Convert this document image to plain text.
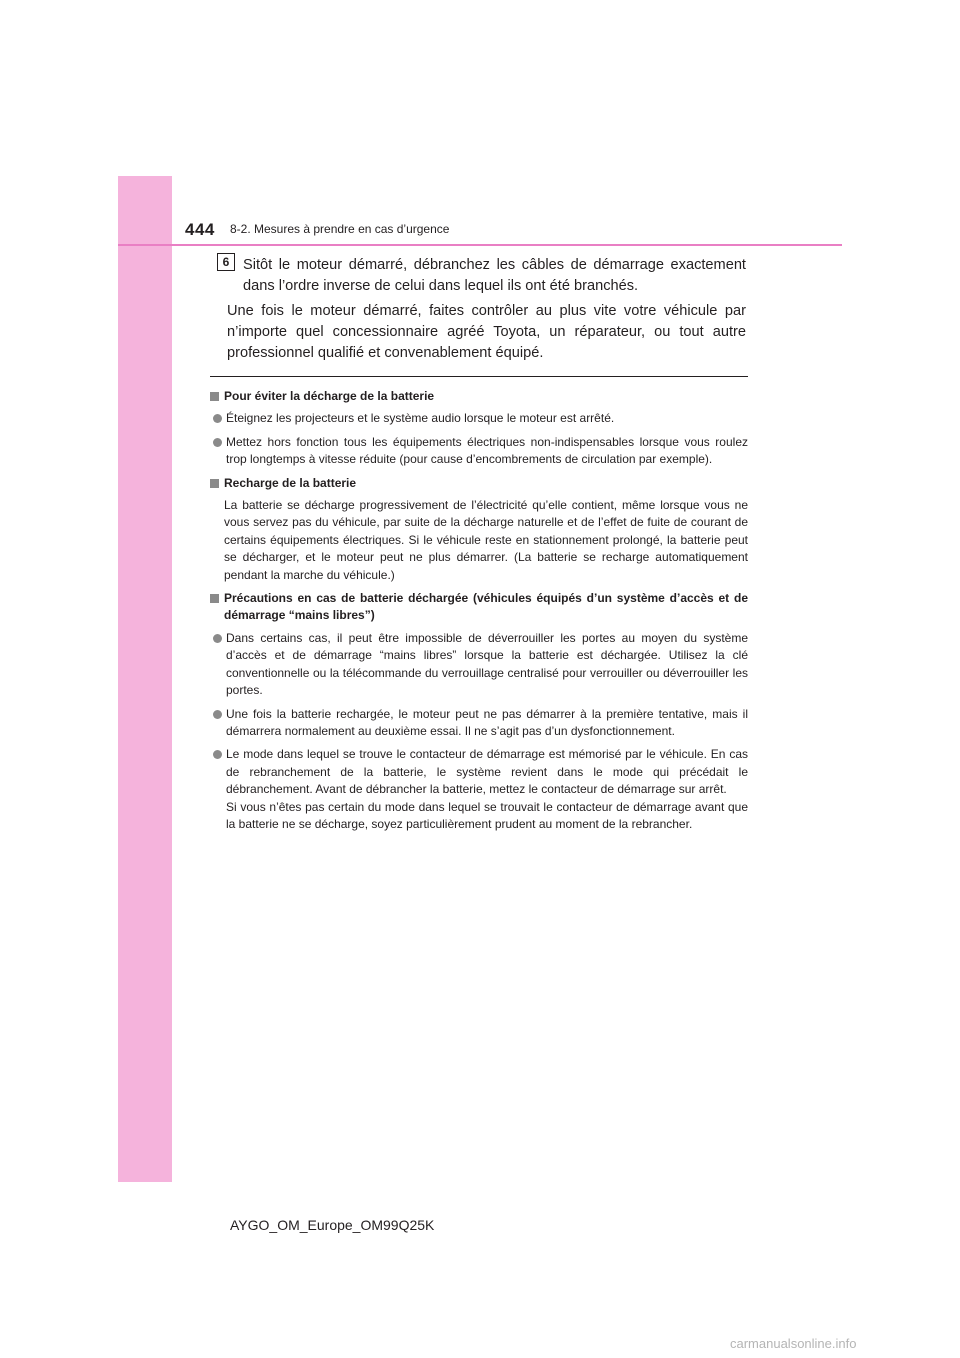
444 8-2. Mesures à prendre en cas d’urgence
6 Sitôt le moteur démarré, débranchez les câbles de démarrage exactement dans l’ordre inverse de celui dans lequel ils ont été branchés.
Une fois le moteur démarré, faites contrôler au plus vite votre véhicule par n’importe quel concessionnaire agréé Toyota, un réparateur, ou tout autre professionnel qualifié et convenablement équipé.
Pour éviter la décharge de la batterie
Éteignez les projecteurs et le système audio lorsque le moteur est arrêté.
Mettez hors fonction tous les équipements électriques non-indispensables lorsque vous roulez trop longtemps à vitesse réduite (pour cause d’encombrements de circulation par exemple).
Recharge de la batterie
La batterie se décharge progressivement de l’électricité qu’elle contient, même lorsque vous ne vous servez pas du véhicule, par suite de la décharge naturelle et de l’effet de fuite de courant de certains équipements électriques. Si le véhicule reste en stationnement prolongé, la batterie peut se décharger, et le moteur peut ne plus démarrer. (La batterie se recharge automatiquement pendant la marche du véhicule.)
Précautions en cas de batterie déchargée (véhicules équipés d’un système d’accès et de démarrage “mains libres”)
Dans certains cas, il peut être impossible de déverrouiller les portes au moyen du système d’accès et de démarrage “mains libres” lorsque la batterie est déchargée. Utilisez la clé conventionnelle ou la télécommande du verrouillage centralisé pour verrouiller ou déverrouiller les portes.
Une fois la batterie rechargée, le moteur peut ne pas démarrer à la première tentative, mais il démarrera normalement au deuxième essai. Il ne s’agit pas d’un dysfonctionnement.
Le mode dans lequel se trouve le contacteur de démarrage est mémorisé par le véhicule. En cas de rebranchement de la batterie, le système revient dans le mode qui précédait le débranchement. Avant de débrancher la batterie, mettez le contacteur de démarrage sur arrêt.
Si vous n’êtes pas certain du mode dans lequel se trouvait le contacteur de démarrage avant que la batterie ne se décharge, soyez particulièrement prudent au moment de la rebrancher.
AYGO_OM_Europe_OM99Q25K
carmanualsonline.info
